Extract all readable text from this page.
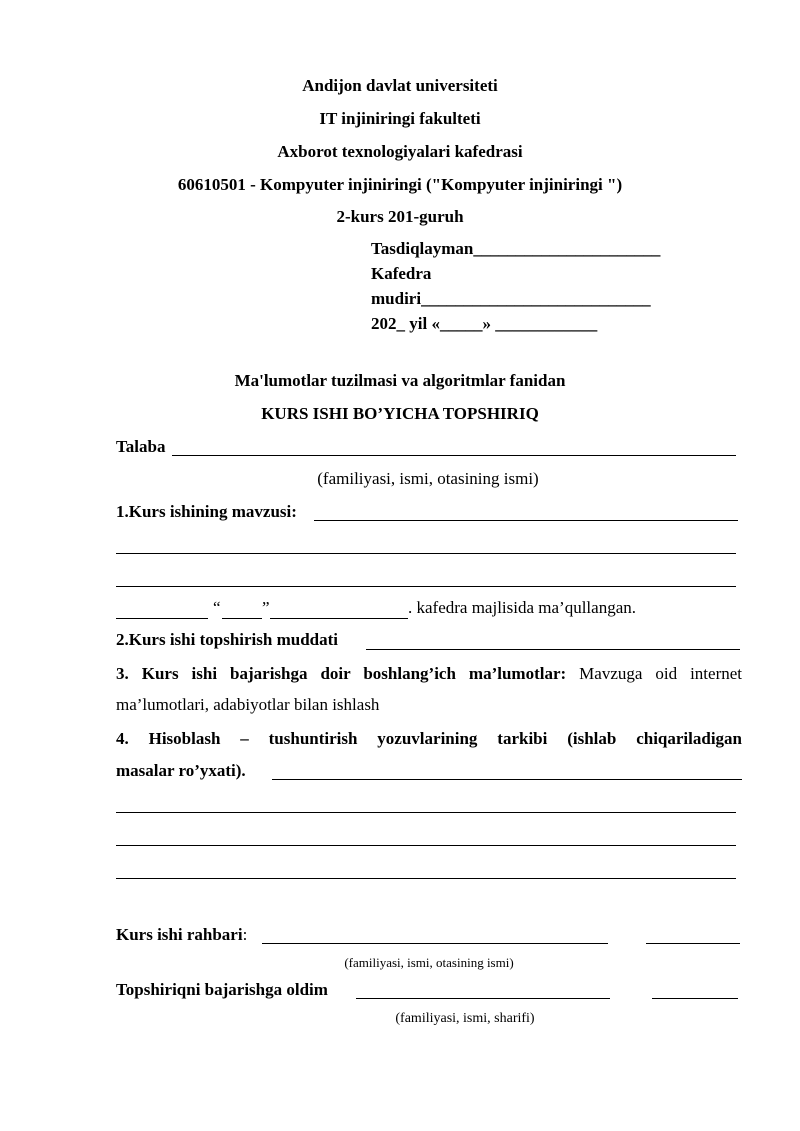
Andijon davlat universiteti
IT injiniringi fakulteti
Axborot texnologiyalari kafedrasi
60610501 - Kompyuter injiniringi ("Kompyuter injiniringi ")
2-kurs 201-guruh
Tasdiqlayman______________________
Kafedra
mudiri___________________________
202_ yil «_____» ____________
Ma'lumotlar tuzilmasi va algoritmlar fanidan
KURS ISHI BO’YICHA TOPSHIRIQ
Talaba
(familiyasi, ismi, otasining ismi)
1.Kurs ishining mavzusi:
“ ”	. kafedra majlisida ma’qullangan.
2.Kurs ishi topshirish muddati
3. Kurs ishi bajarishga doir boshlang’ich ma’lumotlar: Mavzuga oid internet
ma’lumotlari, adabiyotlar bilan ishlash
4. Hisoblash – tushuntirish yozuvlarining tarkibi (ishlab chiqariladigan
masalar ro’yxati).
Kurs ishi rahbari:
(familiyasi, ismi, otasining ismi)
Topshiriqni bajarishga oldim
(familiyasi, ismi, sharifi)
